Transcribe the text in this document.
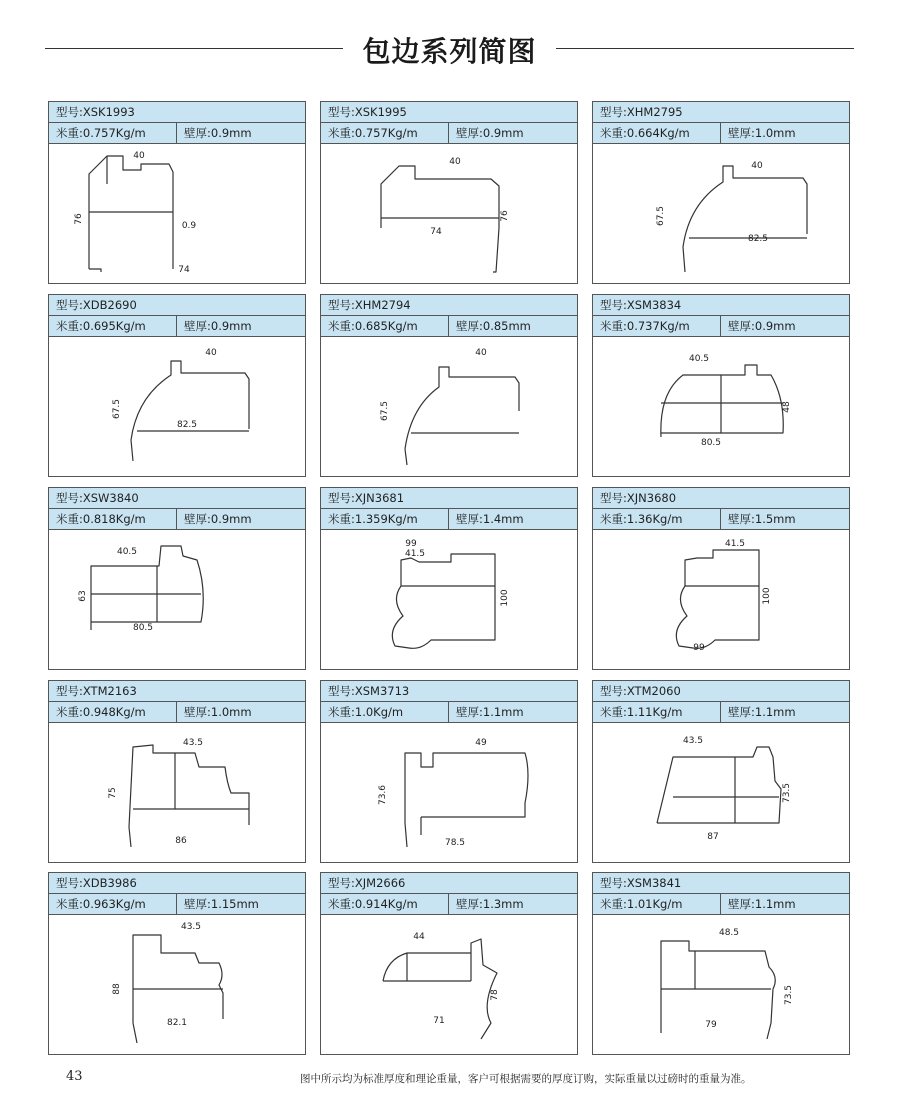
包边系列简图
型号:XSK1993
米重:0.757Kg/m	壁厚:0.9mm
40
76
0.9
74
型号:XSK1995
米重:0.757Kg/m	壁厚:0.9mm
40
74
76
型号:XHM2795
米重:0.664Kg/m	壁厚:1.0mm
40
67.5
82.5
型号:XDB2690
米重:0.695Kg/m	壁厚:0.9mm
40
67.5
82.5
型号:XHM2794
米重:0.685Kg/m	壁厚:0.85mm
40
67.5
型号:XSM3834
米重:0.737Kg/m	壁厚:0.9mm
40.5
48
80.5
型号:XSW3840
米重:0.818Kg/m	壁厚:0.9mm
40.5
63
80.5
型号:XJN3681
米重:1.359Kg/m	壁厚:1.4mm
99
41.5
100
型号:XJN3680
米重:1.36Kg/m	壁厚:1.5mm
41.5
100
99
型号:XTM2163
米重:0.948Kg/m	壁厚:1.0mm
43.5
75
86
型号:XSM3713
米重:1.0Kg/m	壁厚:1.1mm
49
73.6
78.5
型号:XTM2060
米重:1.11Kg/m	壁厚:1.1mm
43.5
73.5
87
型号:XDB3986
米重:0.963Kg/m	壁厚:1.15mm
43.5
88
82.1
型号:XJM2666
米重:0.914Kg/m	壁厚:1.3mm
44
78
71
型号:XSM3841
米重:1.01Kg/m	壁厚:1.1mm
48.5
73.5
79
43	图中所示均为标准厚度和理论重量，客户可根据需要的厚度订购，实际重量以过磅时的重量为准。
